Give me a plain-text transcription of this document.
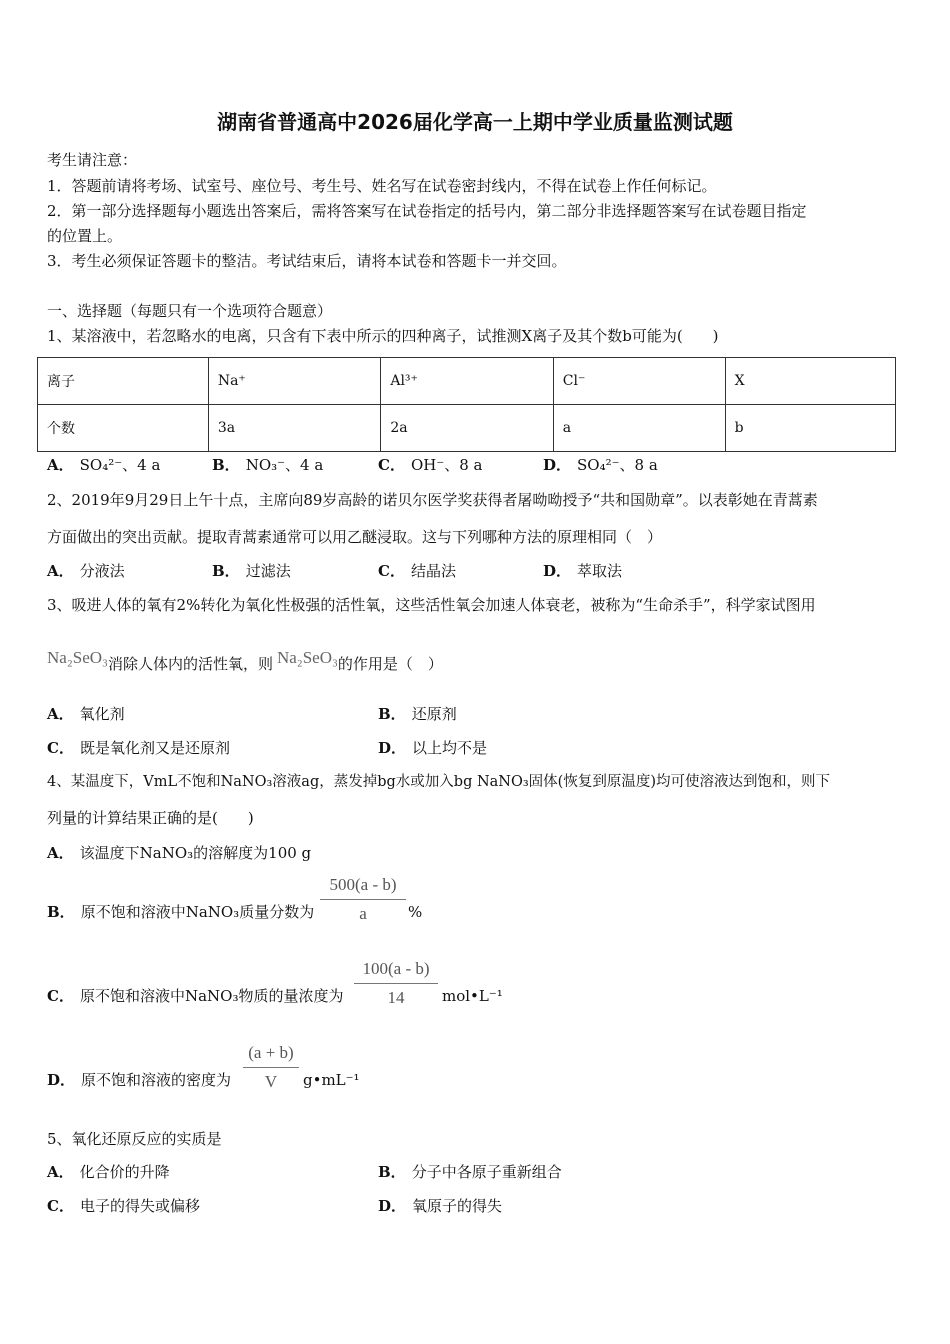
湖南省普通高中2026届化学高一上期中学业质量监测试题
考生请注意：
1．答题前请将考场、试室号、座位号、考生号、姓名写在试卷密封线内，不得在试卷上作任何标记。
2．第一部分选择题每小题选出答案后，需将答案写在试卷指定的括号内，第二部分非选择题答案写在试卷题目指定
的位置上。
3．考生必须保证答题卡的整洁。考试结束后，请将本试卷和答题卡一并交回。
一、选择题（每题只有一个选项符合题意）
1、某溶液中，若忽略水的电离，只含有下表中所示的四种离子，试推测X离子及其个数b可能为(　　)
离子	Na⁺	Al³⁺	Cl⁻	X
个数	3a	2a	a	b
A． SO₄²⁻、4 a	B． NO₃⁻、4 a	C． OH⁻、8 a	D． SO₄²⁻、8 a
2、2019年9月29日上午十点，主席向89岁高龄的诺贝尔医学奖获得者屠呦呦授予“共和国勋章”。以表彰她在青蒿素
方面做出的突出贡献。提取青蒿素通常可以用乙醚浸取。这与下列哪种方法的原理相同（　）
A． 分液法	B． 过滤法	C． 结晶法	D． 萃取法
3、吸进人体的氧有2%转化为氧化性极强的活性氧，这些活性氧会加速人体衰老，被称为“生命杀手”，科学家试图用
Na₂SeO₃消除人体内的活性氧，则 Na₂SeO₃的作用是（　）
A． 氧化剂	B． 还原剂
C． 既是氧化剂又是还原剂	D． 以上均不是
4、某温度下，VmL不饱和NaNO₃溶液ag，蒸发掉bg水或加入bg NaNO₃固体(恢复到原温度)均可使溶液达到饱和，则下
列量的计算结果正确的是(　　)
A． 该温度下NaNO₃的溶解度为100 g
B． 原不饱和溶液中NaNO₃质量分数为 $\frac{500(a - b)}{a}$ %
C． 原不饱和溶液中NaNO₃物质的量浓度为 $\frac{100(a - b)}{14}$ mol•L⁻¹
D． 原不饱和溶液的密度为 $\frac{(a + b)}{V}$ g•mL⁻¹
5、氧化还原反应的实质是
A． 化合价的升降	B． 分子中各原子重新组合
C． 电子的得失或偏移	D． 氧原子的得失
